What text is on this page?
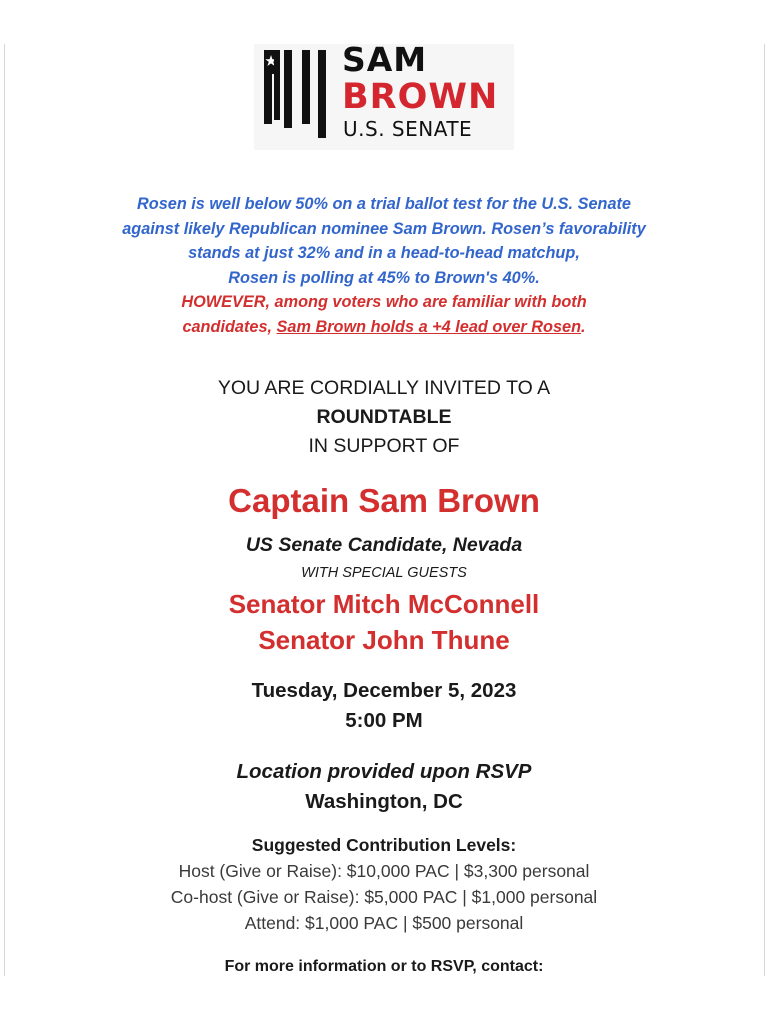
SAM
BROWN
U.S. SENATE
Rosen is well below 50% on a trial ballot test for the U.S. Senate
against likely Republican nominee Sam Brown. Rosen’s favorability
stands at just 32% and in a head-to-head matchup,
Rosen is polling at 45% to Brown's 40%.
HOWEVER, among voters who are familiar with both
candidates, Sam Brown holds a +4 lead over Rosen.
YOU ARE CORDIALLY INVITED TO A
ROUNDTABLE
IN SUPPORT OF
Captain Sam Brown
US Senate Candidate, Nevada
WITH SPECIAL GUESTS
Senator Mitch McConnell
Senator John Thune
Tuesday, December 5, 2023
5:00 PM
Location provided upon RSVP
Washington, DC
Suggested Contribution Levels:
Host (Give or Raise): $10,000 PAC | $3,300 personal
Co-host (Give or Raise): $5,000 PAC | $1,000 personal
Attend: $1,000 PAC | $500 personal
For more information or to RSVP, contact:
